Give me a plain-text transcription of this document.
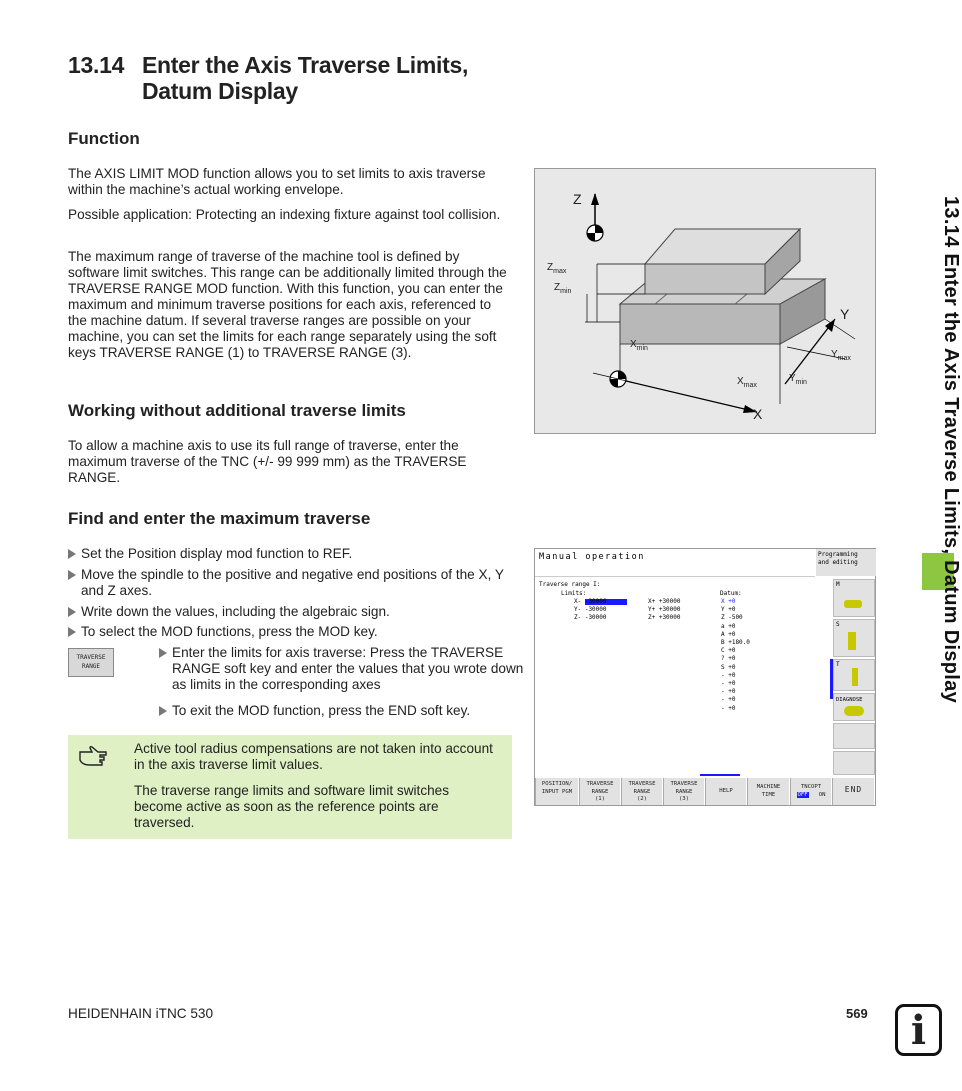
13.14 Enter the Axis Traverse Limits,
Datum Display
13.14 Enter the Axis Traverse Limits, Datum Display
Function

The AXIS LIMIT MOD function allows you to set limits to axis traverse within the machine’s actual working envelope.

Possible application: Protecting an indexing fixture against tool collision.

The maximum range of traverse of the machine tool is defined by software limit switches. This range can be additionally limited through the TRAVERSE RANGE MOD function. With this function, you can enter the maximum and minimum traverse positions for each axis, referenced to the machine datum. If several traverse ranges are possible on your machine, you can set the limits for each range separately using the soft keys TRAVERSE RANGE (1) to TRAVERSE RANGE (3).

Working without additional traverse limits

To allow a machine axis to use its full range of traverse, enter the maximum traverse of the TNC (+/- 99 999 mm) as the TRAVERSE RANGE.

Find and enter the maximum traverse
Set the Position display mod function to REF.
Move the spindle to the positive and negative end positions of the X, Y and Z axes.
Write down the values, including the algebraic sign.
To select the MOD functions, press the MOD key.
TRAVERSE
RANGE
Enter the limits for axis traverse: Press the TRAVERSE RANGE soft key and enter the values that you wrote down as limits in the corresponding axes
To exit the MOD function, press the END soft key.

Active tool radius compensations are not taken into account in the axis traverse limit values.

The traverse range limits and software limit switches become active as soon as the reference points are traversed.

Z
Y
X
$Z_{max}$
$Z_{min}$
$X_{min}$
$X_{max}$
$Y_{min}$
$Y_{max}$
Manual operation	Programming
and editing
Traverse range I:
Limits:	Datum:
X- -30000	X+ +30000
Y- -30000	Y+ +30000
Z- -30000	Z+ +30000
X +0
Y +0
Z -500
a +0
A +0
B +180.0
C +0
? +0
S +0
- +0
- +0
- +0
- +0
- +0
M
S
T
DIAGNOSE
POSITION/
INPUT PGM
TRAVERSE
RANGE
(1)
TRAVERSE
RANGE
(2)
TRAVERSE
RANGE
(3)
HELP
MACHINE
TIME
TNCOPT
OFF ON
END
HEIDENHAIN iTNC 530	569	i
